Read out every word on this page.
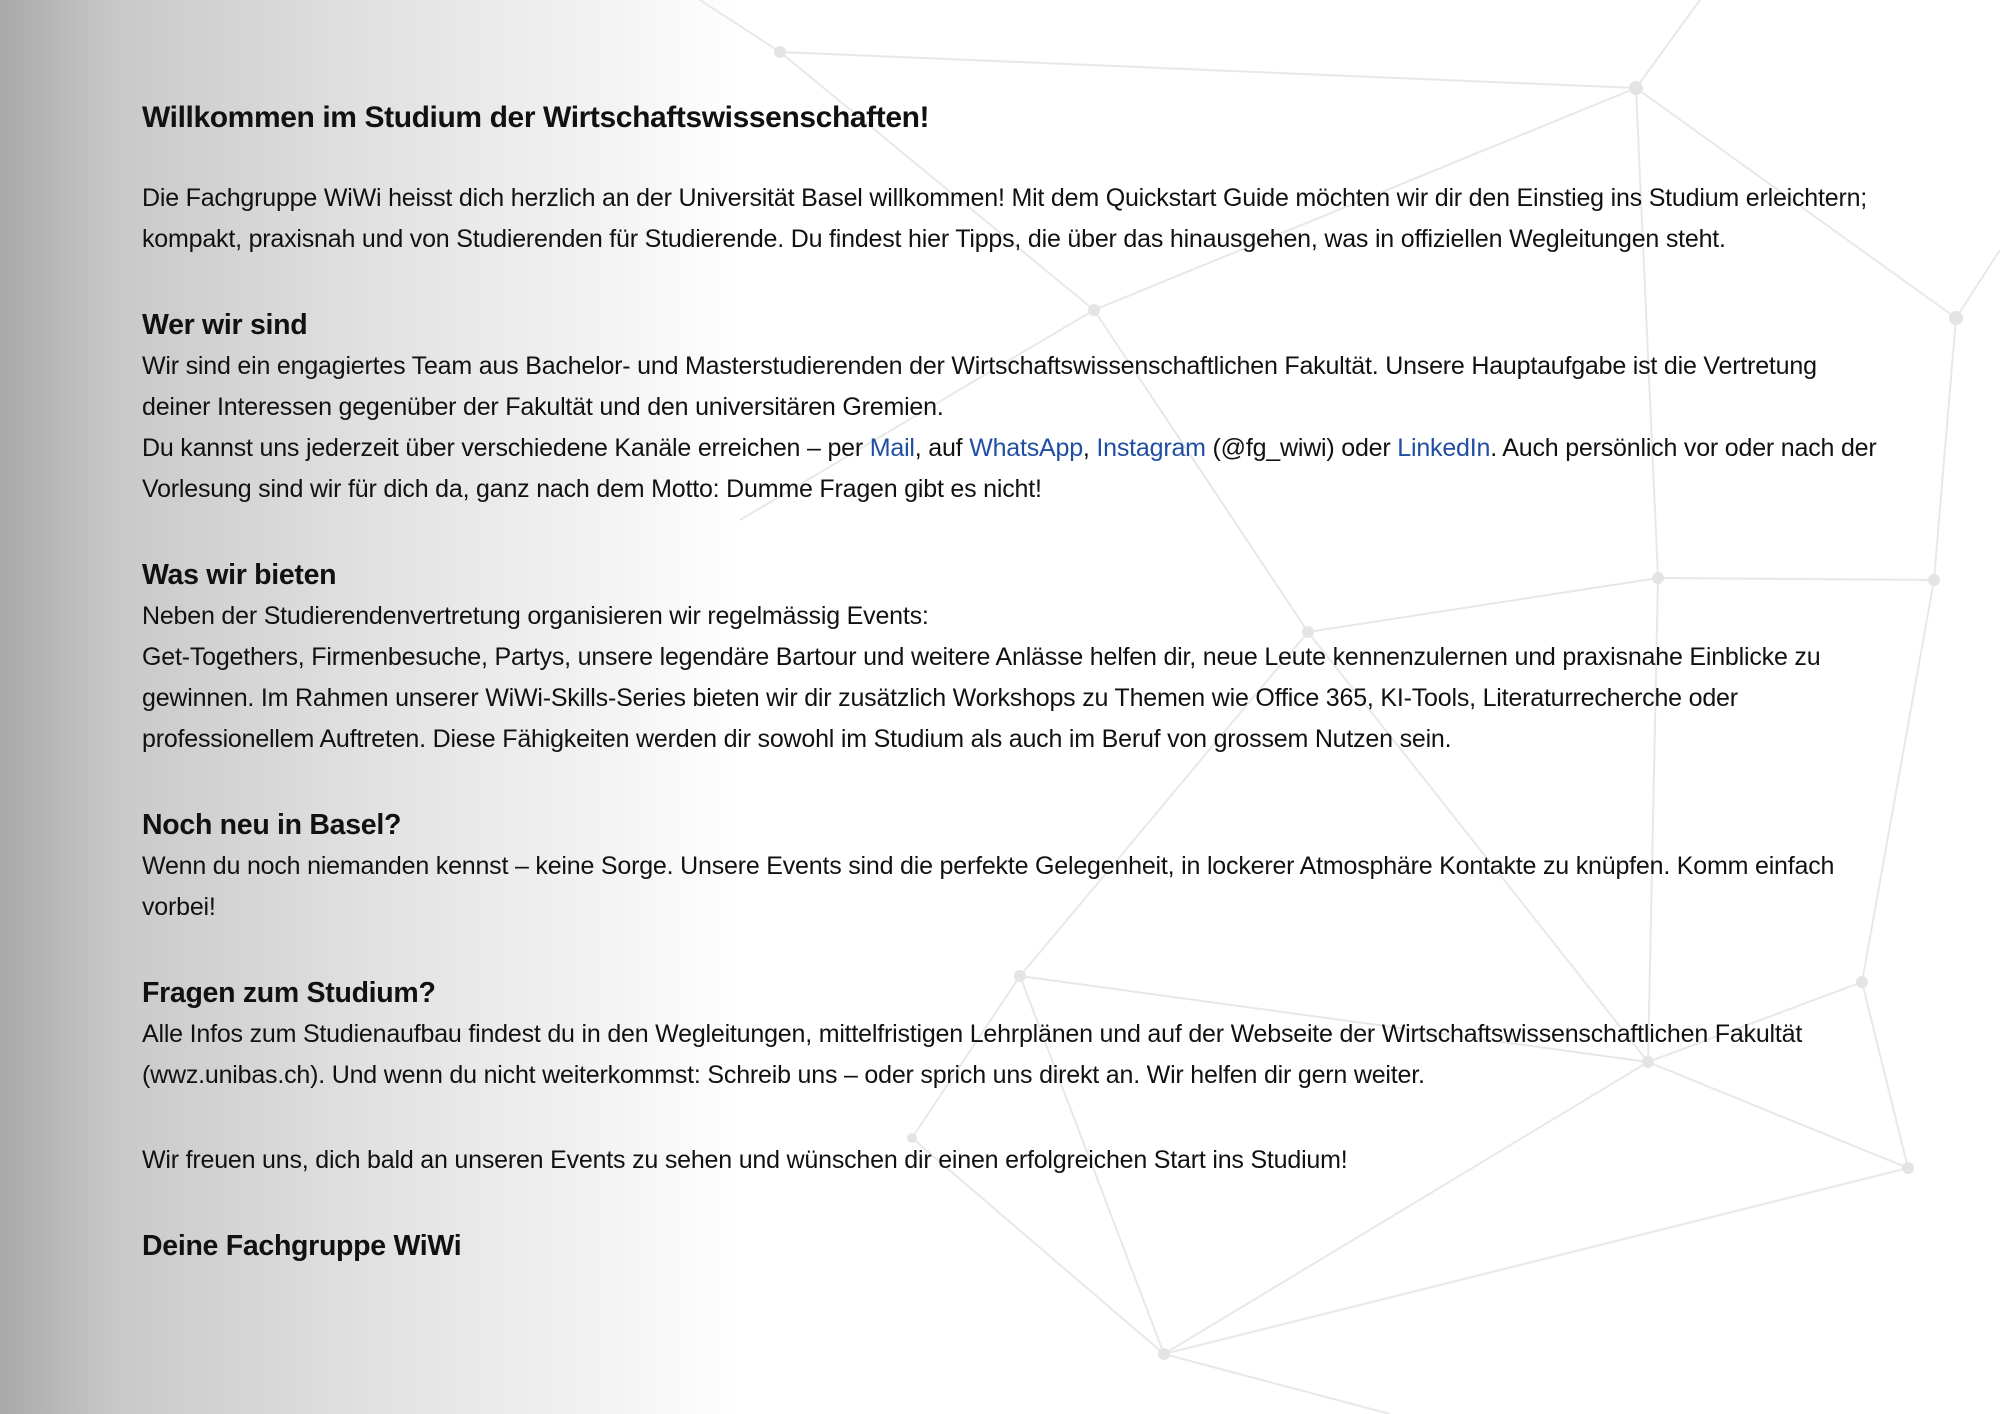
Willkommen im Studium der Wirtschaftswissenschaften!
Die Fachgruppe WiWi heisst dich herzlich an der Universität Basel willkommen! Mit dem Quickstart Guide möchten wir dir den Einstieg ins Studium erleichtern; kompakt, praxisnah und von Studierenden für Studierende. Du findest hier Tipps, die über das hinausgehen, was in offiziellen Wegleitungen steht.
Wer wir sind
Wir sind ein engagiertes Team aus Bachelor- und Masterstudierenden der Wirtschaftswissenschaftlichen Fakultät. Unsere Hauptaufgabe ist die Vertretung deiner Interessen gegenüber der Fakultät und den universitären Gremien.
Du kannst uns jederzeit über verschiedene Kanäle erreichen – per Mail, auf WhatsApp, Instagram (@fg_wiwi) oder LinkedIn. Auch persönlich vor oder nach der Vorlesung sind wir für dich da, ganz nach dem Motto: Dumme Fragen gibt es nicht!
Was wir bieten
Neben der Studierendenvertretung organisieren wir regelmässig Events:
Get-Togethers, Firmenbesuche, Partys, unsere legendäre Bartour und weitere Anlässe helfen dir, neue Leute kennenzulernen und praxisnahe Einblicke zu gewinnen. Im Rahmen unserer WiWi-Skills-Series bieten wir dir zusätzlich Workshops zu Themen wie Office 365, KI-Tools, Literaturrecherche oder professionellem Auftreten. Diese Fähigkeiten werden dir sowohl im Studium als auch im Beruf von grossem Nutzen sein.
Noch neu in Basel?
Wenn du noch niemanden kennst – keine Sorge. Unsere Events sind die perfekte Gelegenheit, in lockerer Atmosphäre Kontakte zu knüpfen. Komm einfach vorbei!
Fragen zum Studium?
Alle Infos zum Studienaufbau findest du in den Wegleitungen, mittelfristigen Lehrplänen und auf der Webseite der Wirtschaftswissenschaftlichen Fakultät (wwz.unibas.ch). Und wenn du nicht weiterkommst: Schreib uns – oder sprich uns direkt an. Wir helfen dir gern weiter.
Wir freuen uns, dich bald an unseren Events zu sehen und wünschen dir einen erfolgreichen Start ins Studium!
Deine Fachgruppe WiWi
